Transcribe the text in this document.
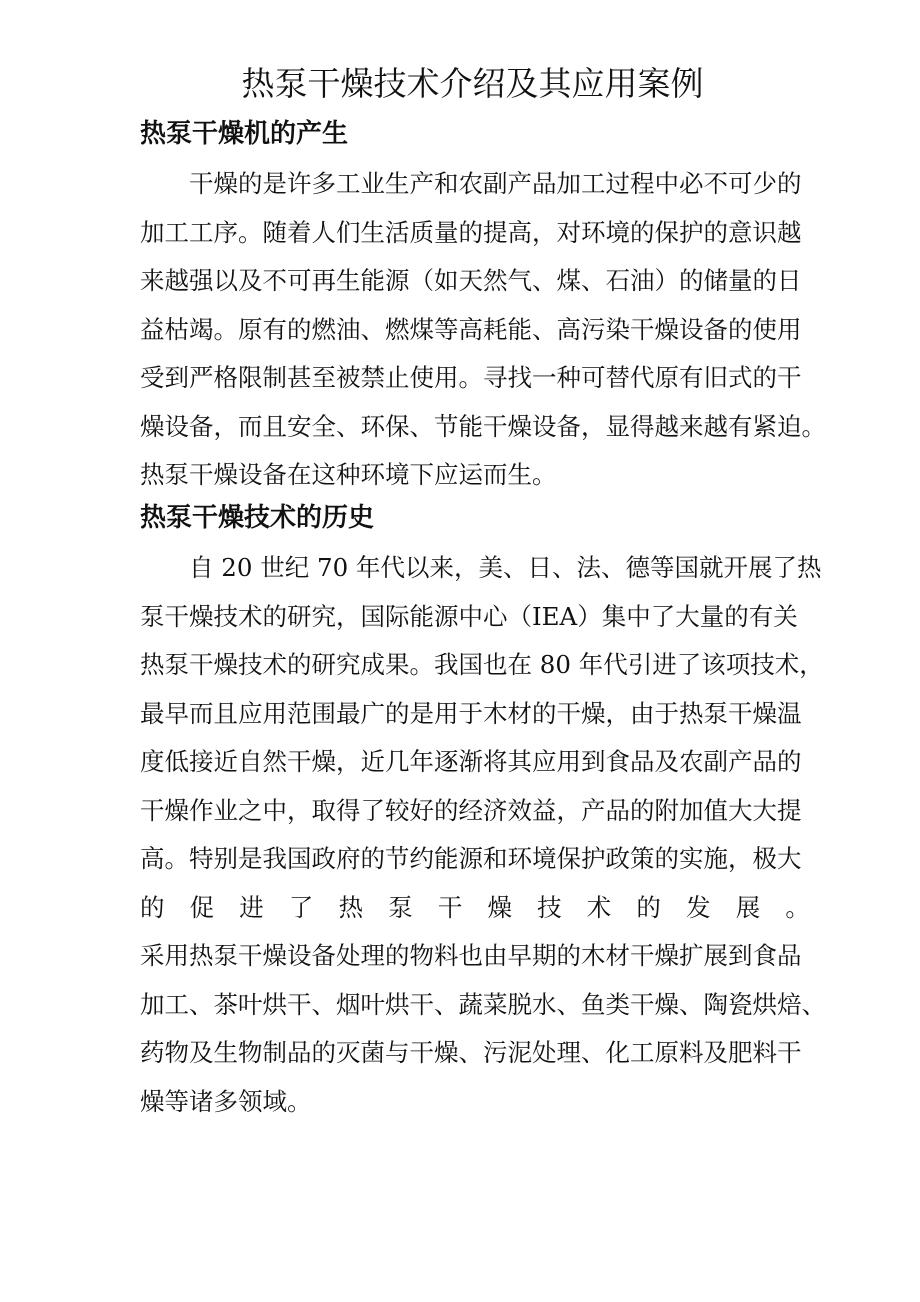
热泵干燥技术介绍及其应用案例
热泵干燥机的产生

干燥的是许多工业生产和农副产品加工过程中必不可少的
加工工序。随着人们生活质量的提高，对环境的保护的意识越
来越强以及不可再生能源（如天然气、煤、石油）的储量的日
益枯竭。原有的燃油、燃煤等高耗能、高污染干燥设备的使用
受到严格限制甚至被禁止使用。寻找一种可替代原有旧式的干
燥设备，而且安全、环保、节能干燥设备，显得越来越有紧迫。
热泵干燥设备在这种环境下应运而生。

热泵干燥技术的历史

自 20 世纪 70 年代以来，美、日、法、德等国就开展了热
泵干燥技术的研究，国际能源中心（IEA）集中了大量的有关
热泵干燥技术的研究成果。我国也在 80 年代引进了该项技术，
最早而且应用范围最广的是用于木材的干燥，由于热泵干燥温
度低接近自然干燥，近几年逐渐将其应用到食品及农副产品的
干燥作业之中，取得了较好的经济效益，产品的附加值大大提
高。特别是我国政府的节约能源和环境保护政策的实施，极大
的 促 进 了 热 泵 干 燥 技 术 的 发 展 。
采用热泵干燥设备处理的物料也由早期的木材干燥扩展到食品
加工、茶叶烘干、烟叶烘干、蔬菜脱水、鱼类干燥、陶瓷烘焙、
药物及生物制品的灭菌与干燥、污泥处理、化工原料及肥料干
燥等诸多领域。
